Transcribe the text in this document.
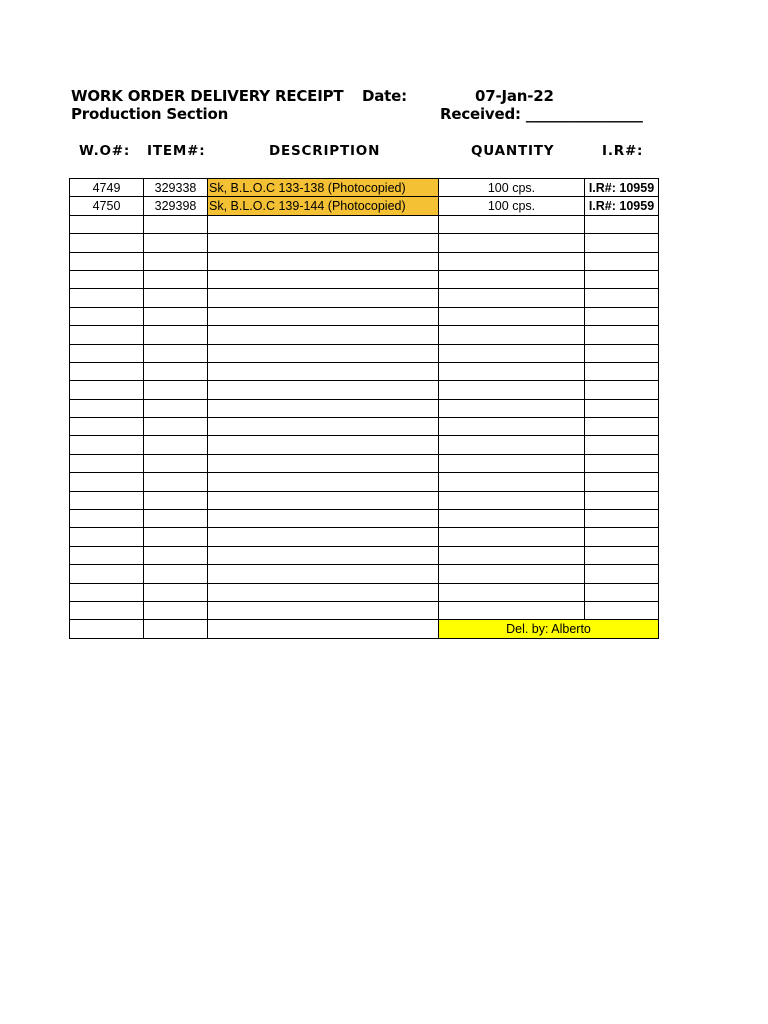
WORK ORDER DELIVERY RECEIPT Date:	07-Jan-22
Production Section	Received: ________________
W.O#: ITEM#:	DESCRIPTION	QUANTITY	I.R#:
4749	329338	Sk, B.L.O.C 133-138 (Photocopied)	100 cps.	I.R#: 10959
4750	329398	Sk, B.L.O.C 139-144 (Photocopied)	100 cps.	I.R#: 10959

			Del. by: Alberto	
